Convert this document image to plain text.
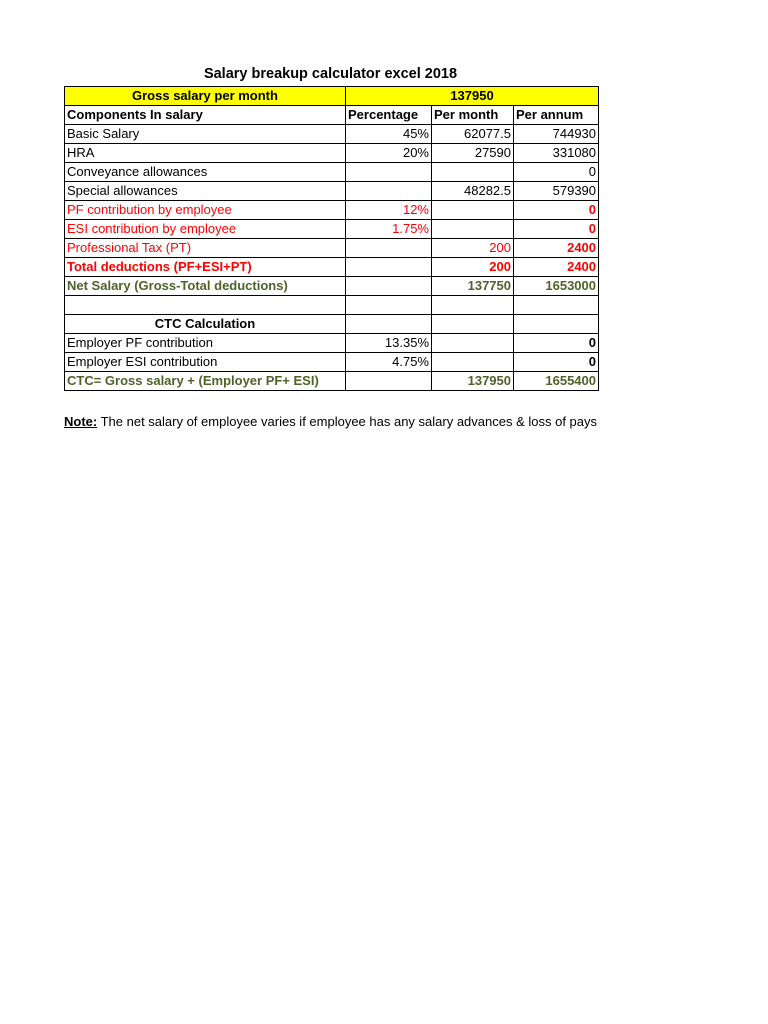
Salary breakup calculator excel 2018
Gross salary per month	137950		
Components In salary	Percentage	Per month	Per annum
Basic Salary	45%	62077.5	744930
HRA	20%	27590	331080
Conveyance allowances			0
Special allowances		48282.5	579390
PF contribution by employee	12%		0
ESI contribution by employee	1.75%		0
Professional Tax (PT)		200	2400
Total deductions (PF+ESI+PT)		200	2400
Net Salary (Gross-Total deductions)		137750	1653000

CTC Calculation			
Employer PF contribution	13.35%		0
Employer ESI contribution	4.75%		0
CTC= Gross salary + (Employer PF+ ESI)		137950	1655400
Note: The net salary of employee varies if employee has any salary advances & loss of pays
